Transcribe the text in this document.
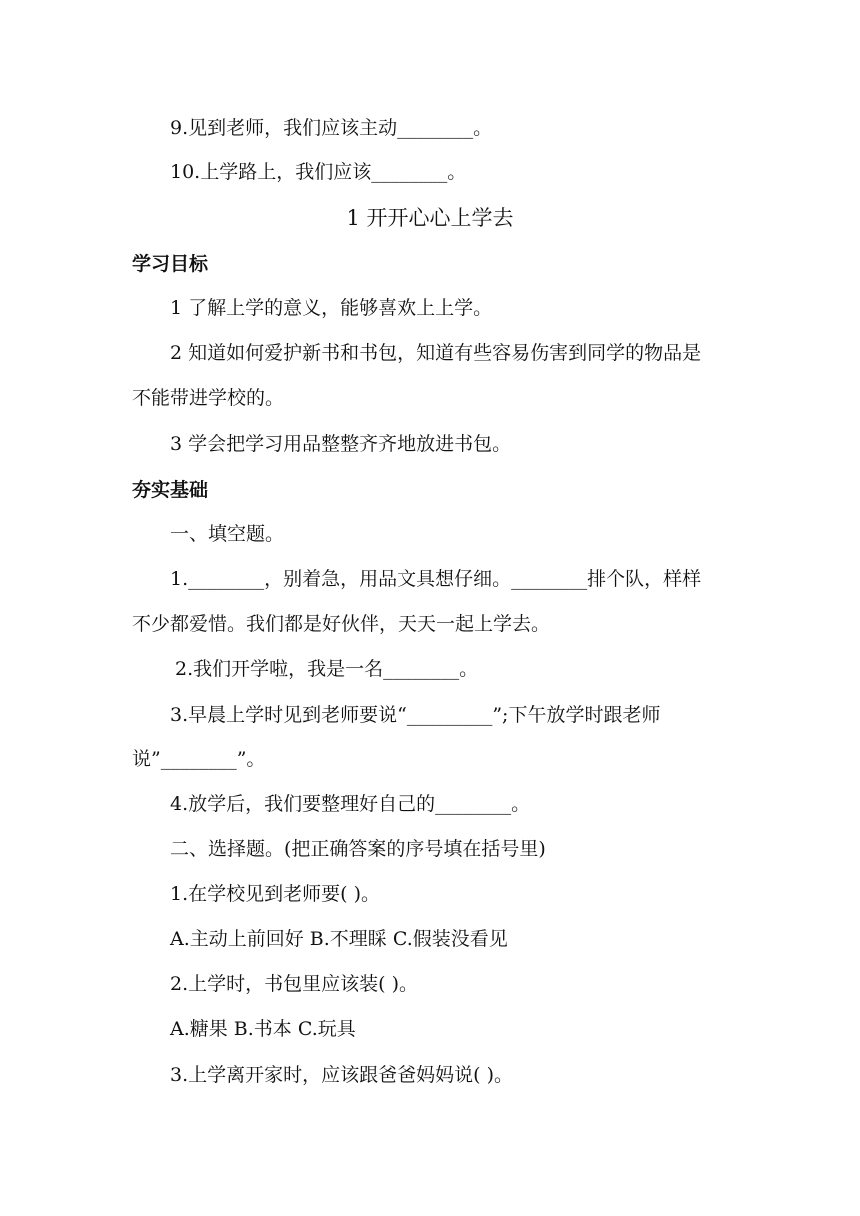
9.见到老师，我们应该主动________。
10.上学路上，我们应该________。
1 开开心心上学去
学习目标
1 了解上学的意义，能够喜欢上上学。
2 知道如何爱护新书和书包，知道有些容易伤害到同学的物品是
不能带进学校的。
3 学会把学习用品整整齐齐地放进书包。
夯实基础
一、填空题。
1.________，别着急，用品文具想仔细。________排个队，样样
不少都爱惜。我们都是好伙伴，天天一起上学去。
2.我们开学啦，我是一名________。
3.早晨上学时见到老师要说“_________”;下午放学时跟老师
说”________”。
4.放学后，我们要整理好自己的________。
二、选择题。(把正确答案的序号填在括号里)
1.在学校见到老师要( )。
A.主动上前回好 B.不理睬 C.假装没看见
2.上学时，书包里应该装( )。
A.糖果 B.书本 C.玩具
3.上学离开家时，应该跟爸爸妈妈说( )。
